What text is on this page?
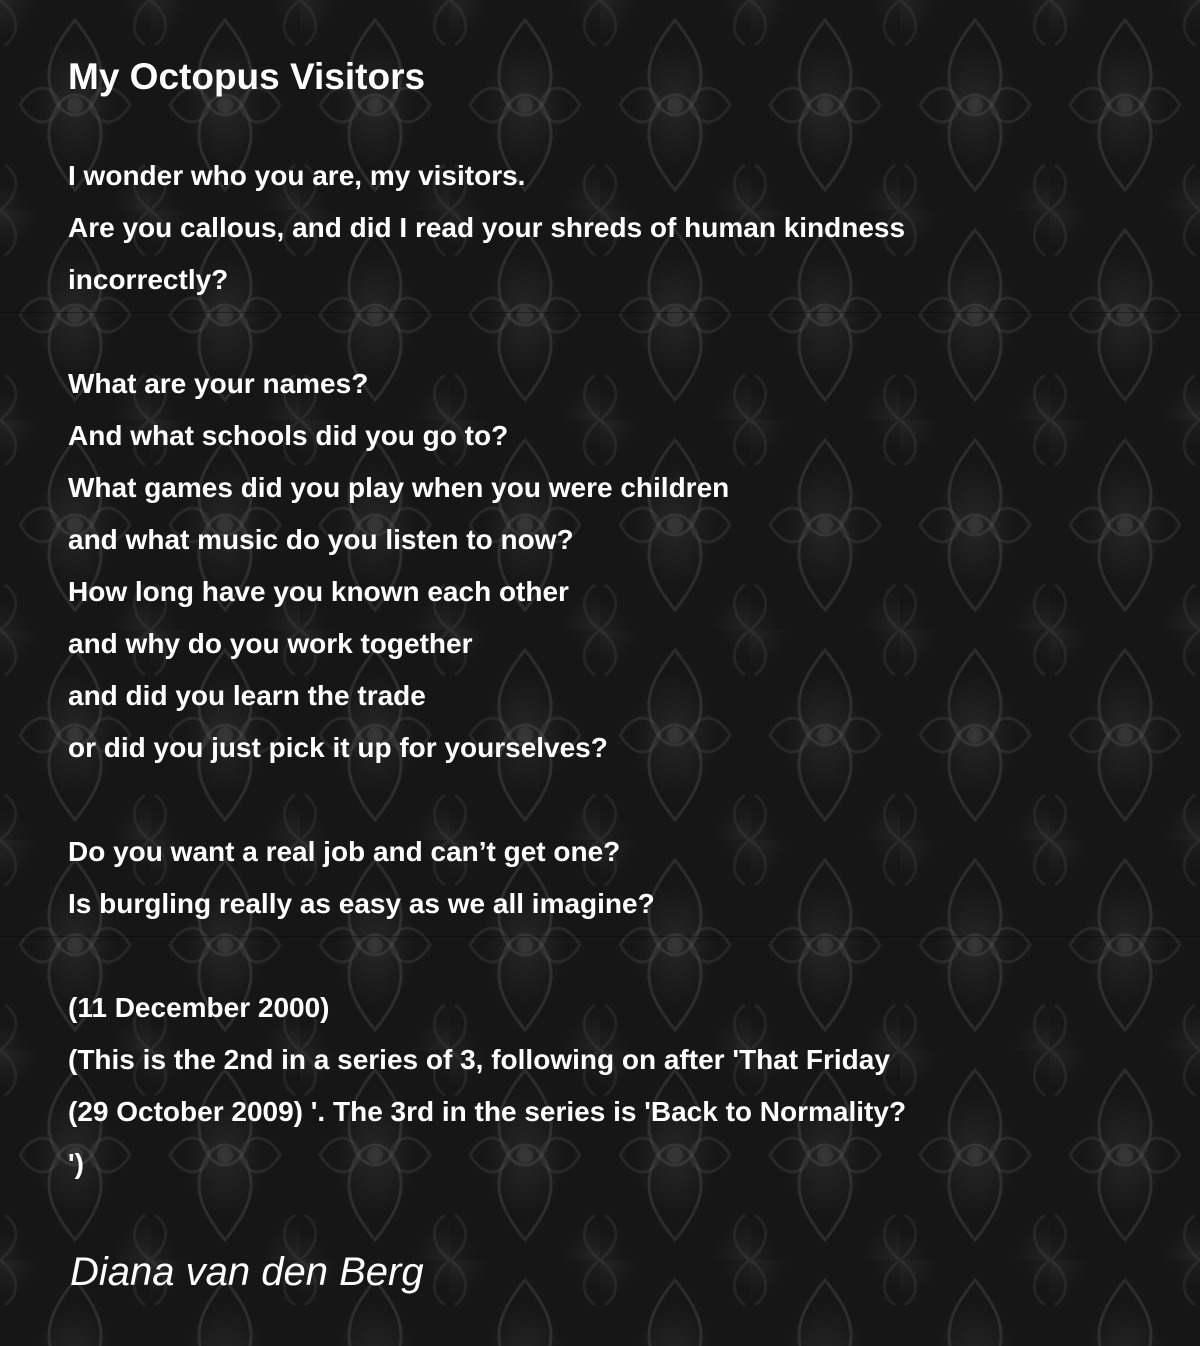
My Octopus Visitors
I wonder who you are, my visitors.
Are you callous, and did I read your shreds of human kindness
incorrectly?
What are your names?
And what schools did you go to?
What games did you play when you were children
and what music do you listen to now?
How long have you known each other
and why do you work together
and did you learn the trade
or did you just pick it up for yourselves?
Do you want a real job and can’t get one?
Is burgling really as easy as we all imagine?
(11 December 2000)
(This is the 2nd in a series of 3, following on after 'That Friday
(29 October 2009) '. The 3rd in the series is 'Back to Normality?
')
Diana van den Berg
